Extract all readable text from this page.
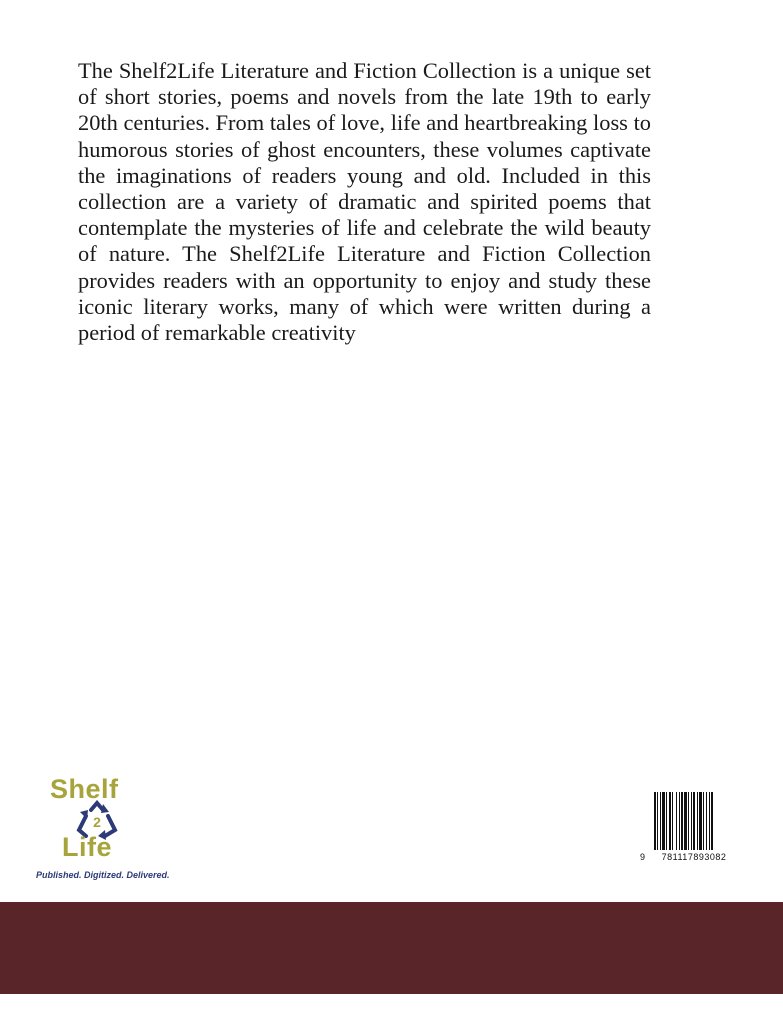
The Shelf2Life Literature and Fiction Collection is a unique set of short stories, poems and novels from the late 19th to early 20th centuries. From tales of love, life and heartbreaking loss to humorous stories of ghost encounters, these volumes captivate the imaginations of readers young and old. Included in this collection are a variety of dramatic and spirited poems that contemplate the mysteries of life and celebrate the wild beauty of nature. The Shelf2Life Literature and Fiction Collection provides readers with an opportunity to enjoy and study these iconic literary works, many of which were written during a period of remarkable creativity

Shelf
2
Life
Published. Digitized. Delivered.
9	781117893082
